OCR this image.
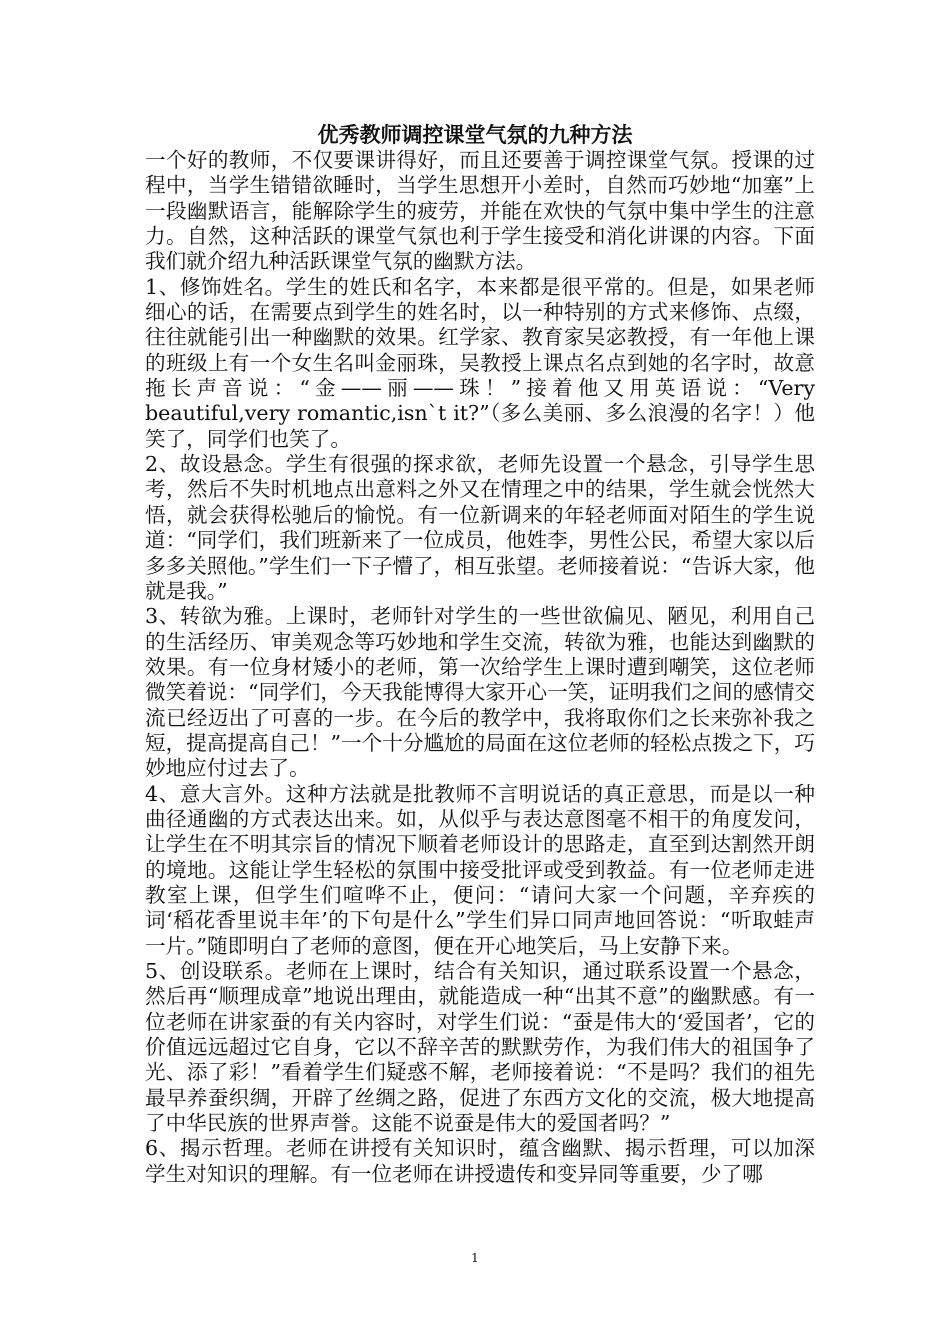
优秀教师调控课堂气氛的九种方法

一个好的教师，不仅要课讲得好，而且还要善于调控课堂气氛。授课的过程中，当学生错错欲睡时，当学生思想开小差时，自然而巧妙地“加塞”上一段幽默语言，能解除学生的疲劳，并能在欢快的气氛中集中学生的注意力。自然，这种活跃的课堂气氛也利于学生接受和消化讲课的内容。下面我们就介绍九种活跃课堂气氛的幽默方法。

1、修饰姓名。学生的姓氏和名字，本来都是很平常的。但是，如果老师细心的话，在需要点到学生的姓名时，以一种特别的方式来修饰、点缀，往往就能引出一种幽默的效果。红学家、教育家吴宓教授，有一年他上课的班级上有一个女生名叫金丽珠，吴教授上课点名点到她的名字时，故意拖长声音说：“金——丽——珠！”接着他又用英语说：“Very beautiful,very romantic,isn`t it?”（多么美丽、多么浪漫的名字！）他笑了，同学们也笑了。

2、故设悬念。学生有很强的探求欲，老师先设置一个悬念，引导学生思考，然后不失时机地点出意料之外又在情理之中的结果，学生就会恍然大悟，就会获得松驰后的愉悦。有一位新调来的年轻老师面对陌生的学生说道：“同学们，我们班新来了一位成员，他姓李，男性公民，希望大家以后多多关照他。”学生们一下子懵了，相互张望。老师接着说：“告诉大家，他就是我。”

3、转欲为雅。上课时，老师针对学生的一些世欲偏见、陋见，利用自己的生活经历、审美观念等巧妙地和学生交流，转欲为雅，也能达到幽默的效果。有一位身材矮小的老师，第一次给学生上课时遭到嘲笑，这位老师微笑着说：“同学们，今天我能博得大家开心一笑，证明我们之间的感情交流已经迈出了可喜的一步。在今后的教学中，我将取你们之长来弥补我之短，提高提高自己！”一个十分尴尬的局面在这位老师的轻松点拨之下，巧妙地应付过去了。

4、意大言外。这种方法就是批教师不言明说话的真正意思，而是以一种曲径通幽的方式表达出来。如，从似乎与表达意图毫不相干的角度发问，让学生在不明其宗旨的情况下顺着老师设计的思路走，直至到达割然开朗的境地。这能让学生轻松的氛围中接受批评或受到教益。有一位老师走进教室上课，但学生们喧哗不止，便问：“请问大家一个问题，辛弃疾的词‘稻花香里说丰年’的下句是什么”学生们异口同声地回答说：“听取蛙声一片。”随即明白了老师的意图，便在开心地笑后，马上安静下来。

5、创设联系。老师在上课时，结合有关知识，通过联系设置一个悬念，然后再“顺理成章”地说出理由，就能造成一种“出其不意”的幽默感。有一位老师在讲家蚕的有关内容时，对学生们说：“蚕是伟大的‘爱国者’，它的价值远远超过它自身，它以不辞辛苦的默默劳作，为我们伟大的祖国争了光、添了彩！”看着学生们疑惑不解，老师接着说：“不是吗？我们的祖先最早养蚕织绸，开辟了丝绸之路，促进了东西方文化的交流，极大地提高了中华民族的世界声誉。这能不说蚕是伟大的爱国者吗？”

6、揭示哲理。老师在讲授有关知识时，蕴含幽默、揭示哲理，可以加深学生对知识的理解。有一位老师在讲授遗传和变异同等重要，少了哪

1
